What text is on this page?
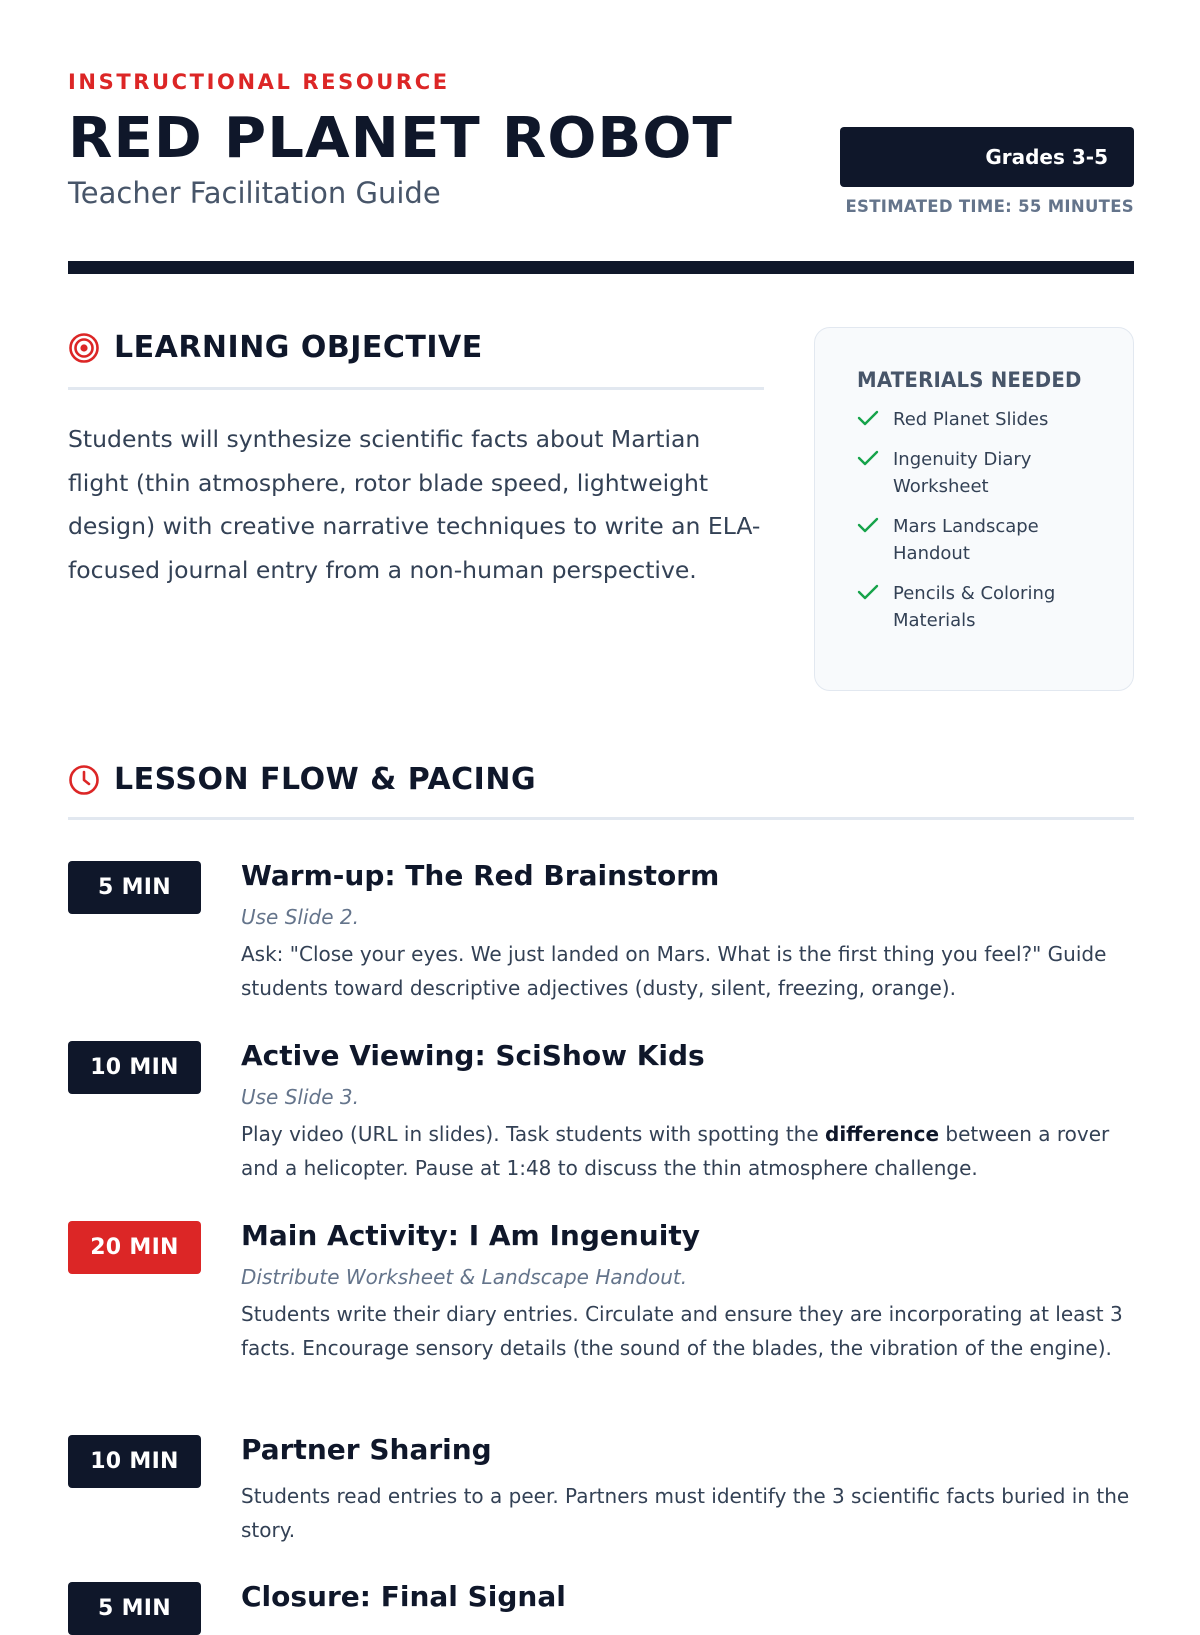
INSTRUCTIONAL RESOURCE
RED PLANET ROBOT
Teacher Facilitation Guide
Grades 3-5
ESTIMATED TIME: 55 MINUTES
LEARNING OBJECTIVE

Students will synthesize scientific facts about Martian flight (thin atmosphere, rotor blade speed, lightweight design) with creative narrative techniques to write an ELA-focused journal entry from a non-human perspective.

MATERIALS NEEDED
Red Planet Slides
Ingenuity Diary Worksheet
Mars Landscape Handout
Pencils & Coloring Materials
LESSON FLOW & PACING
5 MIN	Warm-up: The Red Brainstorm
Use Slide 2.
Ask: "Close your eyes. We just landed on Mars. What is the first thing you feel?" Guide students toward descriptive adjectives (dusty, silent, freezing, orange).
10 MIN	Active Viewing: SciShow Kids
Use Slide 3.
Play video (URL in slides). Task students with spotting the difference between a rover and a helicopter. Pause at 1:48 to discuss the thin atmosphere challenge.
20 MIN	Main Activity: I Am Ingenuity
Distribute Worksheet & Landscape Handout.
Students write their diary entries. Circulate and ensure they are incorporating at least 3 facts. Encourage sensory details (the sound of the blades, the vibration of the engine).
10 MIN	Partner Sharing
Students read entries to a peer. Partners must identify the 3 scientific facts buried in the story.
5 MIN	Closure: Final Signal
